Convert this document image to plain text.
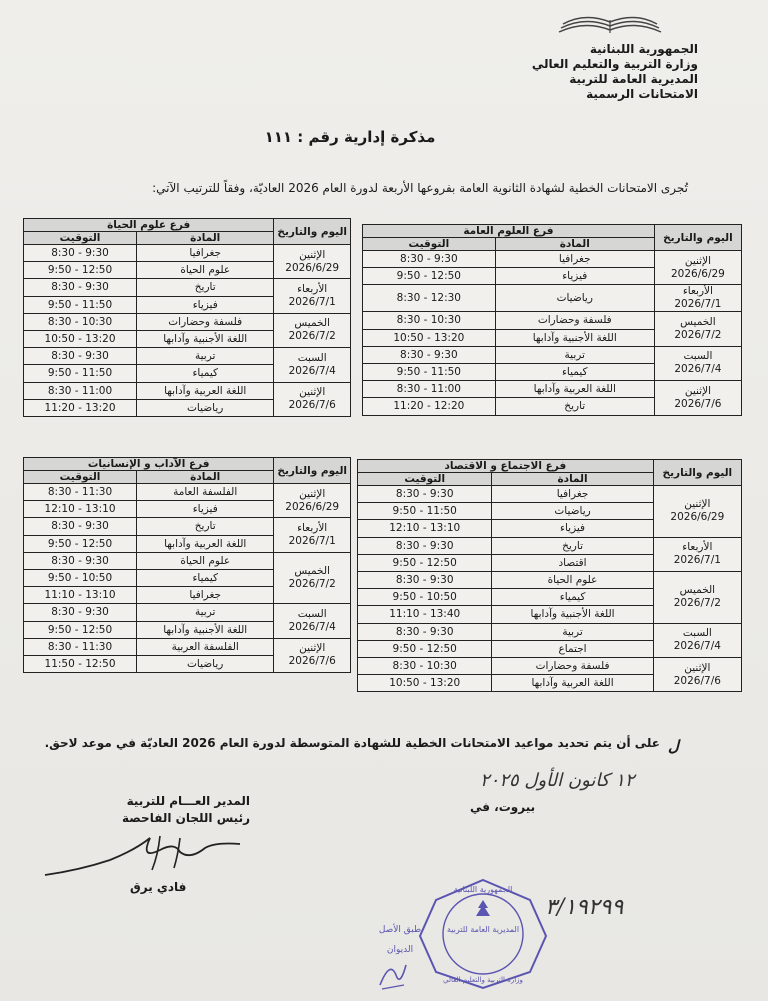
الجمهورية اللبنانية
وزارة التربية والتعليم العالي
المديرية العامة للتربية
الامتحانات الرسمية
مذكرة إدارية رقم : ١١١
تُجرى الامتحانات الخطية لشهادة الثانوية العامة بفروعها الأربعة لدورة العام 2026 العاديّة، وفقاً للترتيب الآتي:
اليوم والتاريخ	فرع العلوم العامة	
	المادة	التوقيت

الإثنين
2026/6/29	جغرافيا	8:30 - 9:30
	فيزياء	9:50 - 12:50

الأربعاء
2026/7/1	رياضيات	8:30 - 12:30

الخميس
2026/7/2	فلسفة وحضارات	8:30 - 10:30
	اللغة الأجنبية وآدابها	10:50 - 13:20

السبت
2026/7/4	تربية	8:30 - 9:30
	كيمياء	9:50 - 11:50

الإثنين
2026/7/6	اللغة العربية وآدابها	8:30 - 11:00
	تاريخ	11:20 - 12:20
اليوم والتاريخ	فرع علوم الحياة	
	المادة	التوقيت

الإثنين
2026/6/29	جغرافيا	8:30 - 9:30
	علوم الحياة	9:50 - 12:50

الأربعاء
2026/7/1	تاريخ	8:30 - 9:30
	فيزياء	9:50 - 11:50

الخميس
2026/7/2	فلسفة وحضارات	8:30 - 10:30
	اللغة الأجنبية وآدابها	10:50 - 13:20

السبت
2026/7/4	تربية	8:30 - 9:30
	كيمياء	9:50 - 11:50

الإثنين
2026/7/6	اللغة العربية وآدابها	8:30 - 11:00
	رياضيات	11:20 - 13:20
اليوم والتاريخ	فرع الاجتماع و الاقتصاد	
	المادة	التوقيت

الإثنين
2026/6/29	جغرافيا	8:30 - 9:30
	رياضيات	9:50 - 11:50
	فيزياء	12:10 - 13:10

الأربعاء
2026/7/1	تاريخ	8:30 - 9:30
	اقتصاد	9:50 - 12:50

الخميس
2026/7/2	علوم الحياة	8:30 - 9:30
	كيمياء	9:50 - 10:50
	اللغة الأجنبية وآدابها	11:10 - 13:40

السبت
2026/7/4	تربية	8:30 - 9:30
	اجتماع	9:50 - 12:50

الإثنين
2026/7/6	فلسفة وحضارات	8:30 - 10:30
	اللغة العربية وآدابها	10:50 - 13:20
اليوم والتاريخ	فرع الآداب و الإنسانيات	
	المادة	التوقيت

الإثنين
2026/6/29	الفلسفة العامة	8:30 - 11:30
	فيزياء	12:10 - 13:10

الأربعاء
2026/7/1	تاريخ	8:30 - 9:30
	اللغة العربية وآدابها	9:50 - 12:50

الخميس
2026/7/2	علوم الحياة	8:30 - 9:30
	كيمياء	9:50 - 10:50
	جغرافيا	11:10 - 13:10

السبت
2026/7/4	تربية	8:30 - 9:30
	اللغة الأجنبية وآدابها	9:50 - 12:50

الإثنين
2026/7/6	الفلسفة العربية	8:30 - 11:30
	رياضيات	11:50 - 12:50
ل
على أن يتم تحديد مواعيد الامتحانات الخطية للشهادة المتوسطة لدورة العام 2026 العاديّة في موعد لاحق.
١٢ كانون الأول ٢٠٢٥
بيروت، في
المدير العـــام للتربية
رئيس اللجان الفاحصة
فادي يرق	الجمهورية اللبنانية
المديرية العامة للتربية
وزارة التربية والتعليم العالي
٣/١٩٢٩٩
طبق الأصل
الديوان
